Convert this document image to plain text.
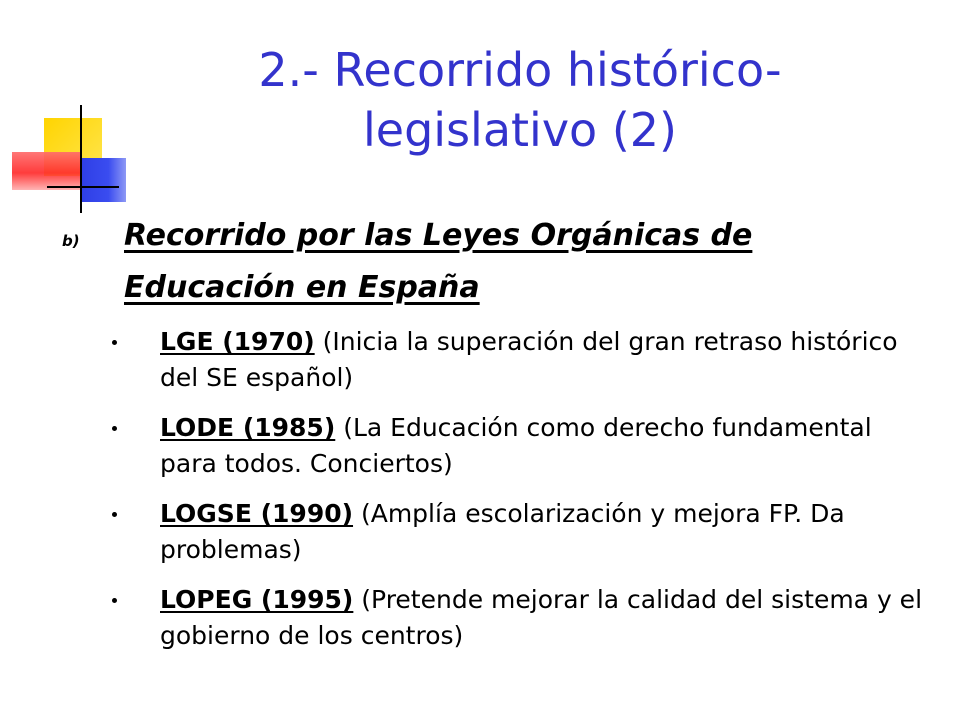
2.- Recorrido histórico-
legislativo (2)
b) Recorrido por las Leyes Orgánicas de
Educación en España
LGE (1970) (Inicia la superación del gran retraso histórico del SE español)
LODE (1985) (La Educación como derecho fundamental para todos. Conciertos)
LOGSE (1990) (Amplía escolarización y mejora FP. Da problemas)
LOPEG (1995) (Pretende mejorar la calidad del sistema y el gobierno de los centros)
